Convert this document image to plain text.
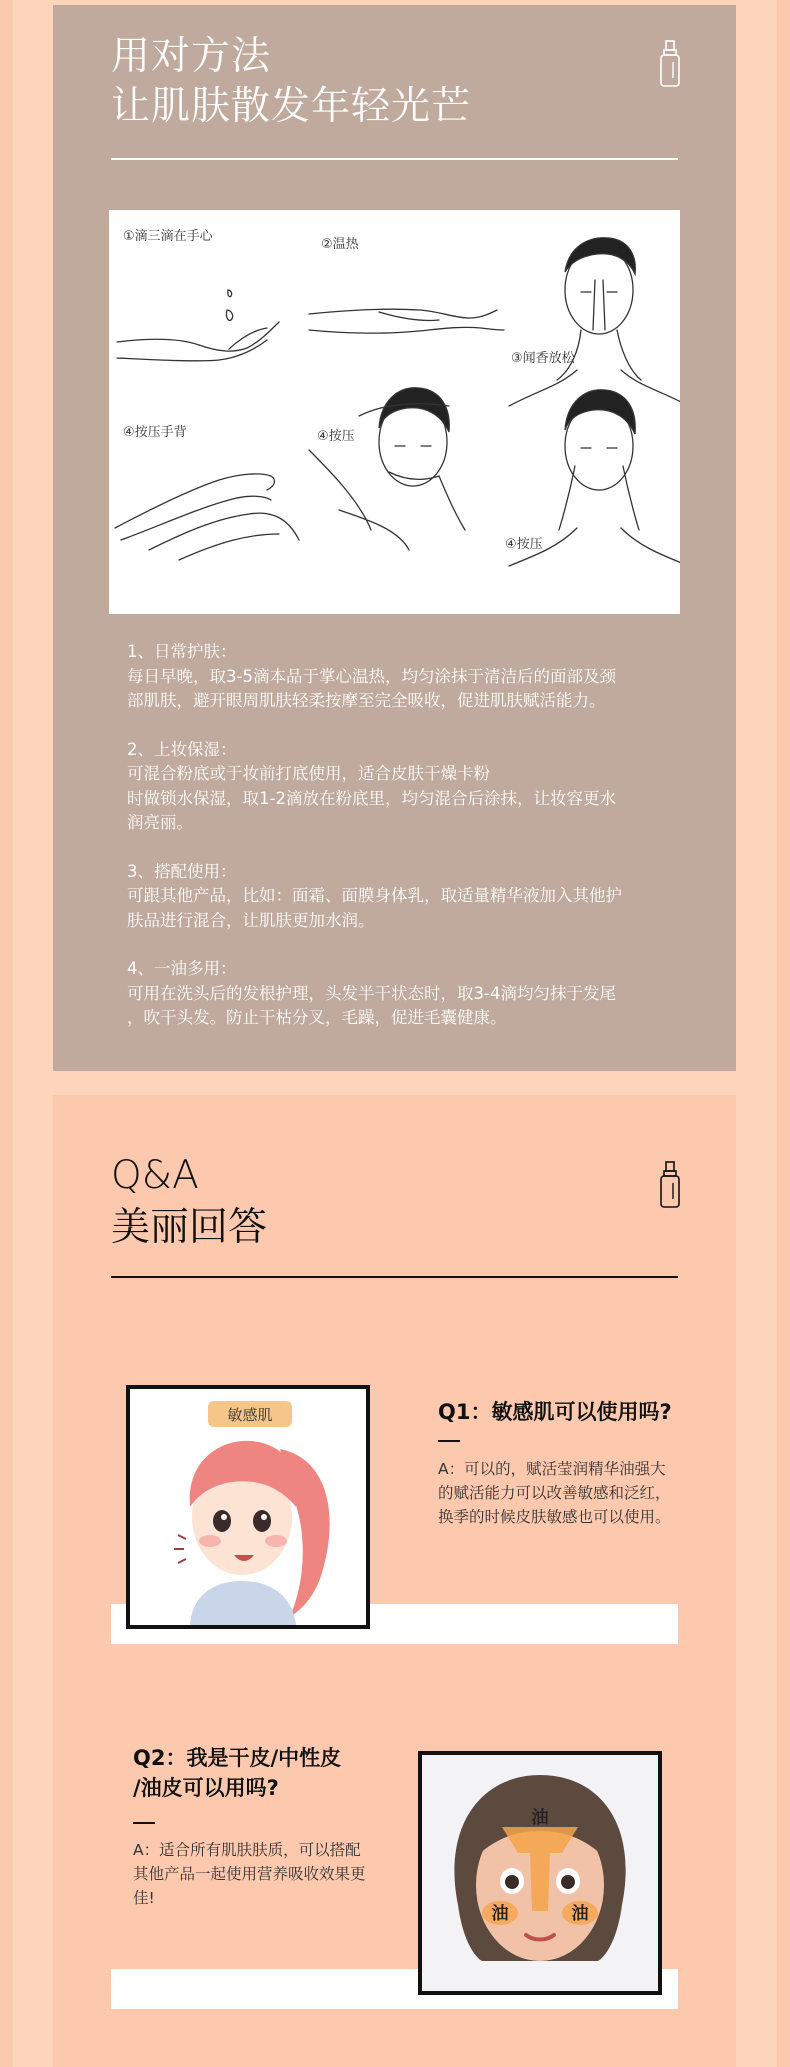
用对方法
让肌肤散发年轻光芒
①滴三滴在手心
②温热
③闻香放松
④按压手背	④按压
④按压

1、日常护肤：

每日早晚，取3-5滴本品于掌心温热，均匀涂抹于清洁后的面部及颈

部肌肤，避开眼周肌肤轻柔按摩至完全吸收，促进肌肤赋活能力。

2、上妆保湿：

可混合粉底或于妆前打底使用，适合皮肤干燥卡粉

时做锁水保湿，取1-2滴放在粉底里，均匀混合后涂抹，让妆容更水

润亮丽。

3、搭配使用：

可跟其他产品，比如：面霜、面膜身体乳，取适量精华液加入其他护

肤品进行混合，让肌肤更加水润。

4、一油多用：

可用在洗头后的发根护理，头发半干状态时，取3-4滴均匀抹于发尾

，吹干头发。防止干枯分叉，毛躁，促进毛囊健康。

Q&A
美丽回答
敏感肌	Q1：敏感肌可以使用吗?
A：可以的，赋活莹润精华油强大
的赋活能力可以改善敏感和泛红，
换季的时候皮肤敏感也可以使用。
油
油	油
Q2：我是干皮/中性皮
/油皮可以用吗?
A：适合所有肌肤肤质，可以搭配
其他产品一起使用营养吸收效果更
佳!
